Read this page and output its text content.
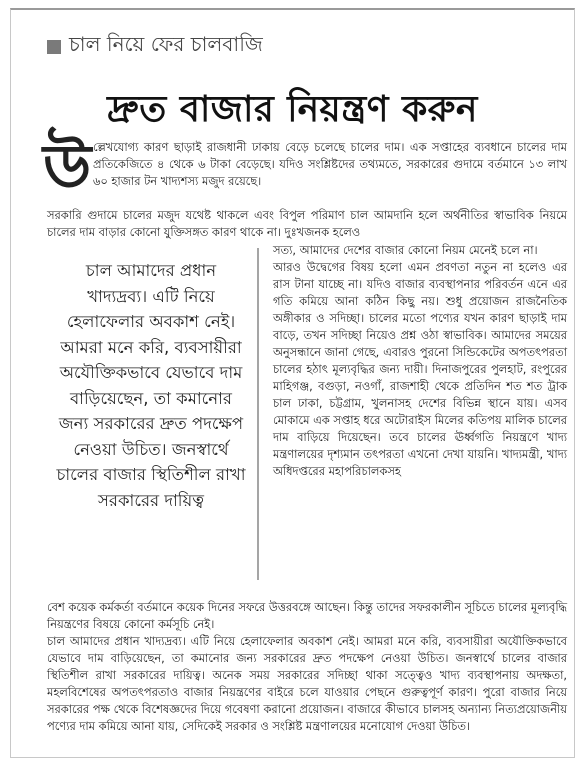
চাল নিয়ে ফের চালবাজি
দ্রুত বাজার নিয়ন্ত্রণ করুন
উ ল্লেখযোগ্য কারণ ছাড়াই রাজধানী ঢাকায় বেড়ে চলেছে চালের দাম। এক সপ্তাহের ব্যবধানে চালের দাম প্রতিকেজিতে ৪ থেকে ৬ টাকা বেড়েছে। যদিও সংশ্লিষ্টদের তথ্যমতে, সরকারের গুদামে বর্তমানে ১৩ লাখ ৬০ হাজার টন খাদ্যশস্য মজুদ রয়েছে।
সরকারি গুদামে চালের মজুদ যথেষ্ট থাকলে এবং বিপুল পরিমাণ চাল আমদানি হলে অর্থনীতির স্বাভাবিক নিয়মে চালের দাম বাড়ার কোনো যুক্তিসঙ্গত কারণ থাকে না। দুঃখজনক হলেও
চাল আমাদের প্রধান খাদ্যদ্রব্য। এটি নিয়ে হেলাফেলার অবকাশ নেই। আমরা মনে করি, ব্যবসায়ীরা অযৌক্তিকভাবে যেভাবে দাম বাড়িয়েছেন, তা কমানোর জন্য সরকারের দ্রুত পদক্ষেপ নেওয়া উচিত। জনস্বার্থে চালের বাজার স্থিতিশীল রাখা সরকারের দায়িত্ব

সত্য, আমাদের দেশের বাজার কোনো নিয়ম মেনেই চলে না।

আরও উদ্বেগের বিষয় হলো এমন প্রবণতা নতুন না হলেও এর রাস টানা যাচ্ছে না। যদিও বাজার ব্যবস্থাপনার পরিবর্তন এনে এর গতি কমিয়ে আনা কঠিন কিছু নয়। শুধু প্রয়োজন রাজনৈতিক অঙ্গীকার ও সদিচ্ছা। চালের মতো পণ্যের যখন কারণ ছাড়াই দাম বাড়ে, তখন সদিচ্ছা নিয়েও প্রশ্ন ওঠা স্বাভাবিক। আমাদের সময়ের অনুসন্ধানে জানা গেছে, এবারও পুরনো সিন্ডিকেটের অপতৎপরতা চালের হঠাৎ মূল্যবৃদ্ধির জন্য দায়ী। দিনাজপুরের পুলহাট, রংপুরের মাহিগঞ্জ, বগুড়া, নওগাঁ, রাজশাহী থেকে প্রতিদিন শত শত ট্রাক চাল ঢাকা, চট্টগ্রাম, খুলনাসহ দেশের বিভিন্ন স্থানে যায়। এসব মোকামে এক সপ্তাহ ধরে অটোরাইস মিলের কতিপয় মালিক চালের দাম বাড়িয়ে দিয়েছেন। তবে চালের ঊর্ধ্বগতি নিয়ন্ত্রণে খাদ্য মন্ত্রণালয়ের দৃশ্যমান তৎপরতা এখনো দেখা যায়নি। খাদ্যমন্ত্রী, খাদ্য অধিদপ্তরের মহাপরিচালকসহ

বেশ কয়েক কর্মকর্তা বর্তমানে কয়েক দিনের সফরে উত্তরবঙ্গে আছেন। কিন্তু তাদের সফরকালীন সূচিতে চালের মূল্যবৃদ্ধি নিয়ন্ত্রণের বিষয়ে কোনো কর্মসূচি নেই।

চাল আমাদের প্রধান খাদ্যদ্রব্য। এটি নিয়ে হেলাফেলার অবকাশ নেই। আমরা মনে করি, ব্যবসায়ীরা অযৌক্তিকভাবে যেভাবে দাম বাড়িয়েছেন, তা কমানোর জন্য সরকারের দ্রুত পদক্ষেপ নেওয়া উচিত। জনস্বার্থে চালের বাজার স্থিতিশীল রাখা সরকারের দায়িত্ব। অনেক সময় সরকারের সদিচ্ছা থাকা সত্ত্বেও খাদ্য ব্যবস্থাপনায় অদক্ষতা, মহলবিশেষের অপতৎপরতাও বাজার নিয়ন্ত্রণের বাইরে চলে যাওয়ার পেছনে গুরুত্বপূর্ণ কারণ। পুরো বাজার নিয়ে সরকারের পক্ষ থেকে বিশেষজ্ঞদের দিয়ে গবেষণা করানো প্রয়োজন। বাজারে কীভাবে চালসহ অন্যান্য নিত্যপ্রয়োজনীয় পণ্যের দাম কমিয়ে আনা যায়, সেদিকেই সরকার ও সংশ্লিষ্ট মন্ত্রণালয়ের মনোযোগ দেওয়া উচিত।
